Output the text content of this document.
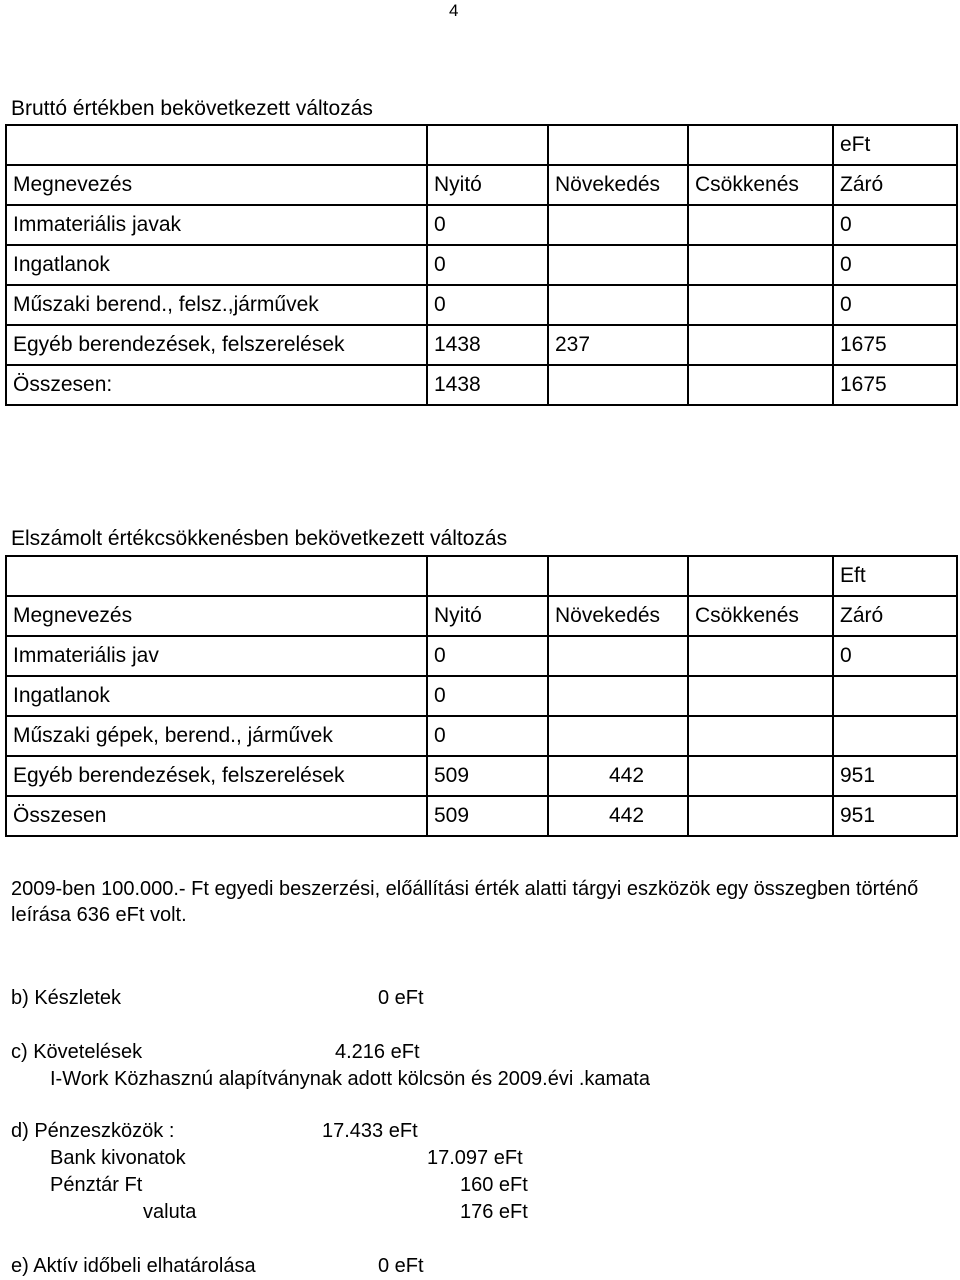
4
Bruttó értékben bekövetkezett változás
				eFt
Megnevezés	Nyitó	Növekedés	Csökkenés	Záró
Immateriális javak	0			0
Ingatlanok	0			0
Műszaki berend., felsz.,járművek	0			0
Egyéb berendezések, felszerelések	1438	237		1675
Összesen:	1438			1675
Elszámolt értékcsökkenésben bekövetkezett változás
				Eft
Megnevezés	Nyitó	Növekedés	Csökkenés	Záró
Immateriális jav	0			0
Ingatlanok	0			
Műszaki gépek, berend., járművek	0			
Egyéb berendezések, felszerelések	509	442		951
Összesen	509	442		951
2009-ben 100.000.- Ft egyedi beszerzési, előállítási érték alatti tárgyi eszközök egy összegben történő leírása 636 eFt volt.
b) Készletek	0 eFt
c) Követelések	4.216 eFt
I-Work Közhasznú alapítványnak adott kölcsön és 2009.évi .kamata
d) Pénzeszközök :	17.433 eFt
Bank kivonatok	17.097 eFt
Pénztár Ft	160 eFt
valuta	176 eFt
e) Aktív időbeli elhatárolása	0 eFt
